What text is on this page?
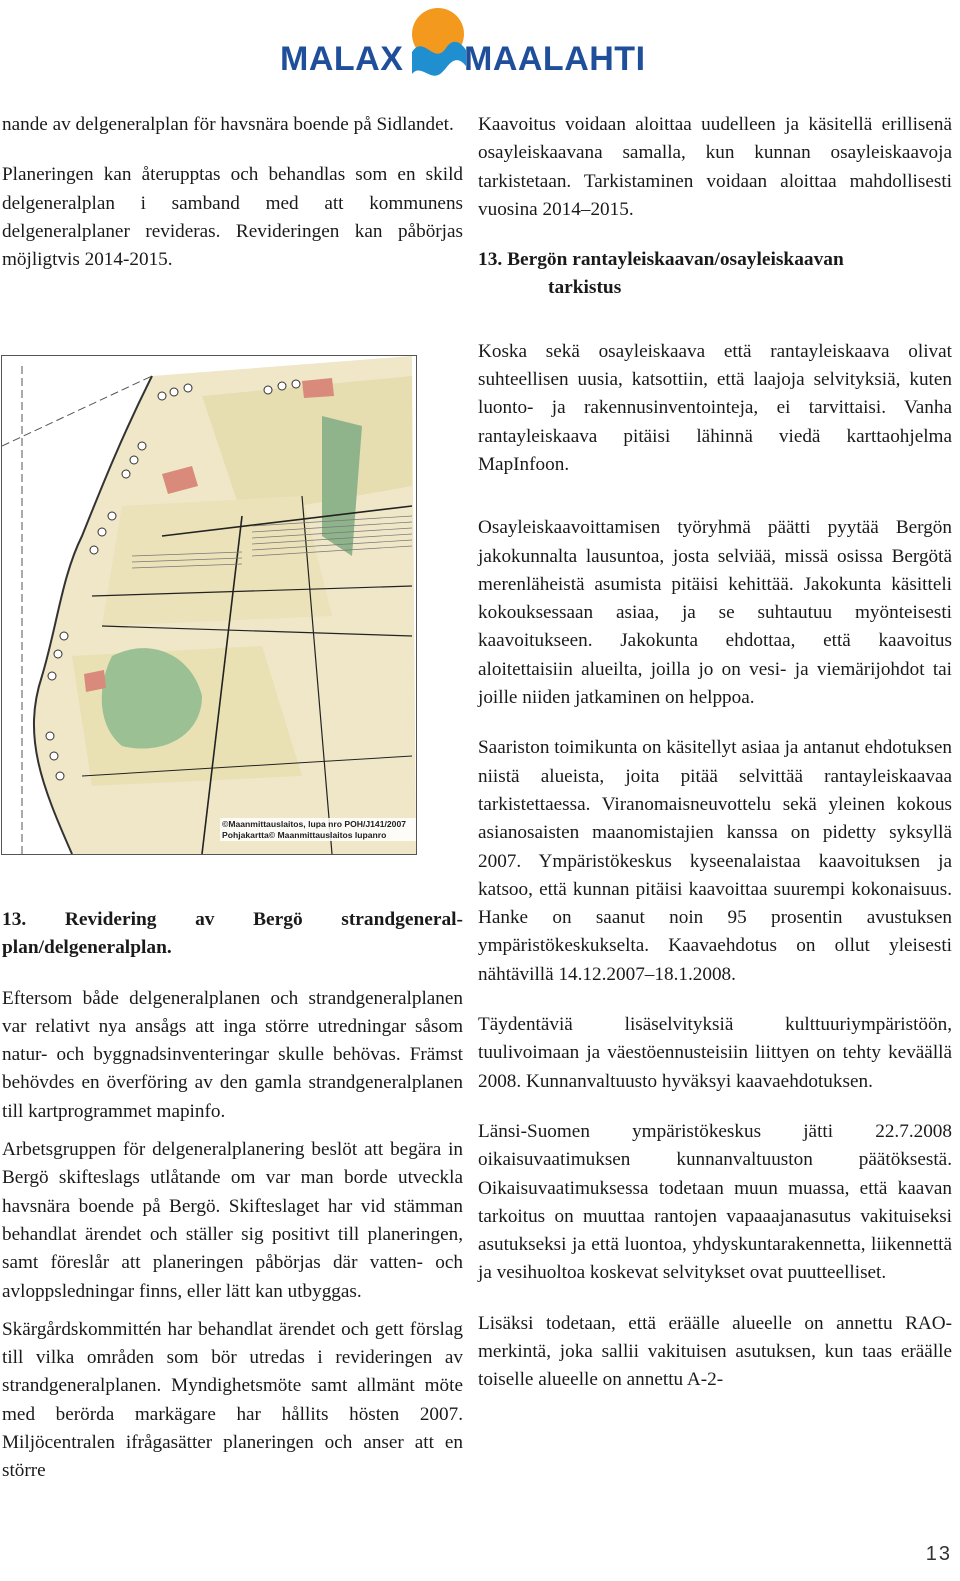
MALAX MAALAHTI

nande av delgeneralplan för havsnära boende på Sidlandet.

Planeringen kan återupptas och behandlas som en skild delgeneralplan i samband med att kommunens delgeneralplaner revideras. Revideringen kan påbörjas möjligtvis 2014-2015.

©Maanmittauslaitos, lupa nro POH/J141/2007
Pohjakartta© Maanmittauslaitos lupanro
13. Revidering av Bergö strandgeneral-plan/delgeneralplan.

Eftersom både delgeneralplanen och strandgeneralplanen var relativt nya ansågs att inga större utredningar såsom natur- och byggnadsinventeringar skulle behövas. Främst behövdes en överföring av den gamla strandgeneralplanen till kartprogrammet mapinfo.

Arbetsgruppen för delgeneralplanering beslöt att begära in Bergö skifteslags utlåtande om var man borde utveckla havsnära boende på Bergö. Skifteslaget har vid stämman behandlat ärendet och ställer sig positivt till planeringen, samt föreslår att planeringen påbörjas där vatten- och avloppsledningar finns, eller lätt kan utbyggas.

Skärgårdskommittén har behandlat ärendet och gett förslag till vilka områden som bör utredas i revideringen av strandgeneralplanen. Myndighetsmöte samt allmänt möte med berörda markägare har hållits hösten 2007. Miljöcentralen ifrågasätter planeringen och anser att en större

Kaavoitus voidaan aloittaa uudelleen ja käsitellä erillisenä osayleiskaavana samalla, kun kunnan osayleiskaavoja tarkistetaan. Tarkistaminen voidaan aloittaa mahdollisesti vuosina 2014–2015.

13. Bergön rantayleiskaavan/osayleiskaavan
tarkistus

Koska sekä osayleiskaava että rantayleiskaava olivat suhteellisen uusia, katsottiin, että laajoja selvityksiä, kuten luonto- ja rakennusinventointeja, ei tarvittaisi. Vanha rantayleiskaava pitäisi lähinnä viedä karttaohjelma MapInfoon.

Osayleiskaavoittamisen työryhmä päätti pyytää Bergön jakokunnalta lausuntoa, josta selviää, missä osissa Bergötä merenläheistä asumista pitäisi kehittää. Jakokunta käsitteli kokouksessaan asiaa, ja se suhtautuu myönteisesti kaavoitukseen. Jakokunta ehdottaa, että kaavoitus aloitettaisiin alueilta, joilla jo on vesi- ja viemärijohdot tai joille niiden jatkaminen on helppoa.

Saariston toimikunta on käsitellyt asiaa ja antanut ehdotuksen niistä alueista, joita pitää selvittää rantayleiskaavaa tarkistettaessa. Viranomaisneuvottelu sekä yleinen kokous asianosaisten maanomistajien kanssa on pidetty syksyllä 2007. Ympäristökeskus kyseenalaistaa kaavoituksen ja katsoo, että kunnan pitäisi kaavoittaa suurempi kokonaisuus. Hanke on saanut noin 95 prosentin avustuksen ympäristökeskukselta. Kaavaehdotus on ollut yleisesti nähtävillä 14.12.2007–18.1.2008.

Täydentäviä lisäselvityksiä kulttuuriympäristöön, tuulivoimaan ja väestöennusteisiin liittyen on tehty keväällä 2008. Kunnanvaltuusto hyväksyi kaavaehdotuksen.

Länsi-Suomen ympäristökeskus jätti 22.7.2008 oikaisuvaatimuksen kunnanvaltuuston päätöksestä. Oikaisuvaatimuksessa todetaan muun muassa, että kaavan tarkoitus on muuttaa rantojen vapaaajanasutus vakituiseksi asutukseksi ja että luontoa, yhdyskuntarakennetta, liikennettä ja vesihuoltoa koskevat selvitykset ovat puutteelliset.

Lisäksi todetaan, että eräälle alueelle on annettu RAO-merkintä, joka sallii vakituisen asutuksen, kun taas eräälle toiselle alueelle on annettu A-2-

13
